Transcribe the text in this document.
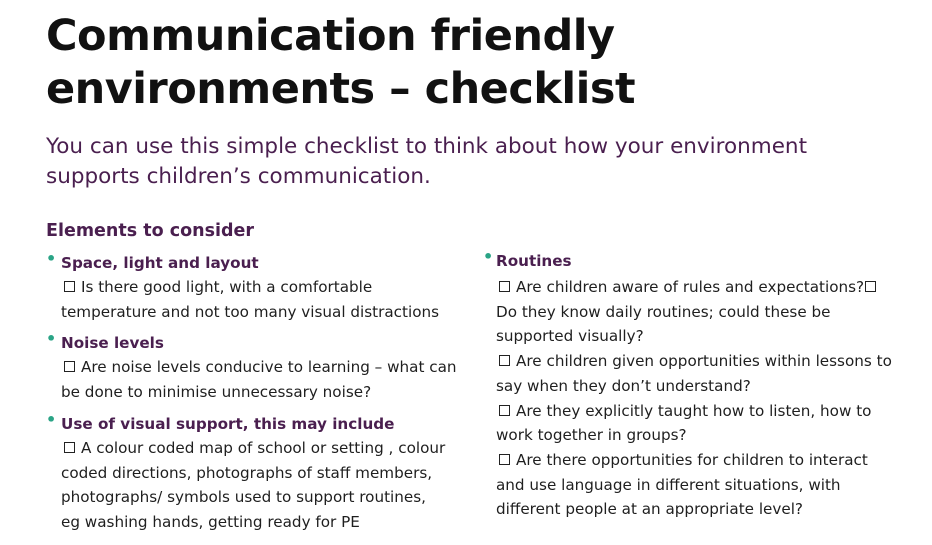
Communication friendly
environments – checklist

You can use this simple checklist to think about how your environment
supports children’s communication.

Elements to consider
• Space, light and layout
Is there good light, with a comfortable
temperature and not too many visual distractions
• Noise levels
Are noise levels conducive to learning – what can
be done to minimise unnecessary noise?
• Use of visual support, this may include
A colour coded map of school or setting , colour
coded directions, photographs of staff members,
photographs/ symbols used to support routines,
eg washing hands, getting ready for PE
• Routines
Are children aware of rules and expectations?
Do they know daily routines; could these be
supported visually?
Are children given opportunities within lessons to
say when they don’t understand?
Are they explicitly taught how to listen, how to
work together in groups?
Are there opportunities for children to interact
and use language in different situations, with
different people at an appropriate level?
